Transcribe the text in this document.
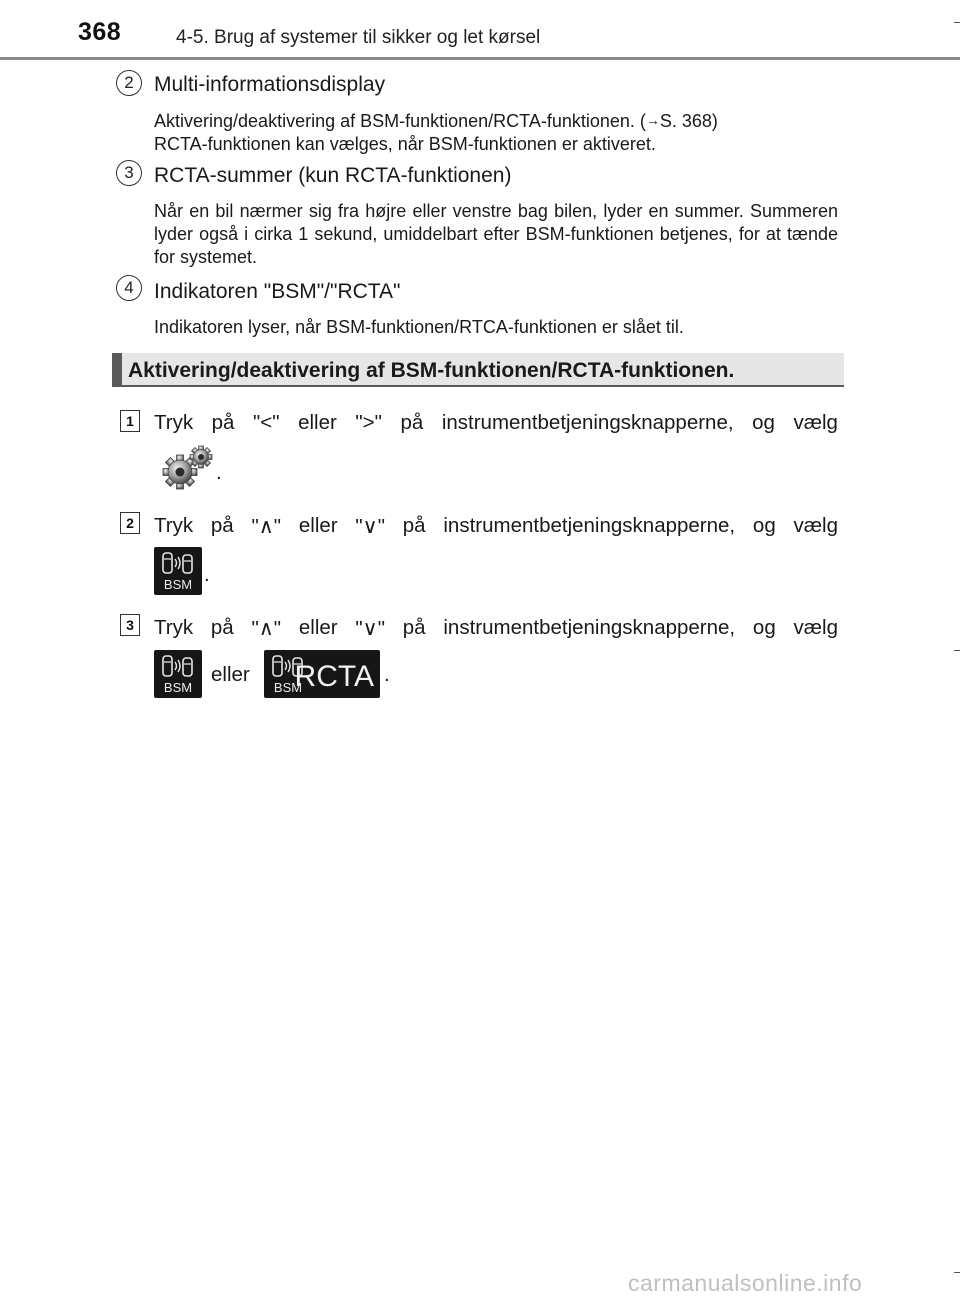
368	4-5. Brug af systemer til sikker og let kørsel
2 Multi-informationsdisplay
Aktivering/deaktivering af BSM-funktionen/RCTA-funktionen. (→S. 368)
RCTA-funktionen kan vælges, når BSM-funktionen er aktiveret.
3 RCTA-summer (kun RCTA-funktionen)
Når en bil nærmer sig fra højre eller venstre bag bilen, lyder en summer. Summeren lyder også i cirka 1 sekund, umiddelbart efter BSM-funktionen betjenes, for at tænde for systemet.
4 Indikatoren "BSM"/"RCTA"
Indikatoren lyser, når BSM-funktionen/RTCA-funktionen er slået til.
Aktivering/deaktivering af BSM-funktionen/RCTA-funktionen.
1 Tryk på "<" eller ">" på instrumentbetjeningsknapperne, og vælg
.
2 Tryk på "∧" eller "∨" på instrumentbetjeningsknapperne, og vælg
BSM .
3 Tryk på "∧" eller "∨" på instrumentbetjeningsknapperne, og vælg
BSM
eller
BSM
RCTA .
carmanualsonline.info
